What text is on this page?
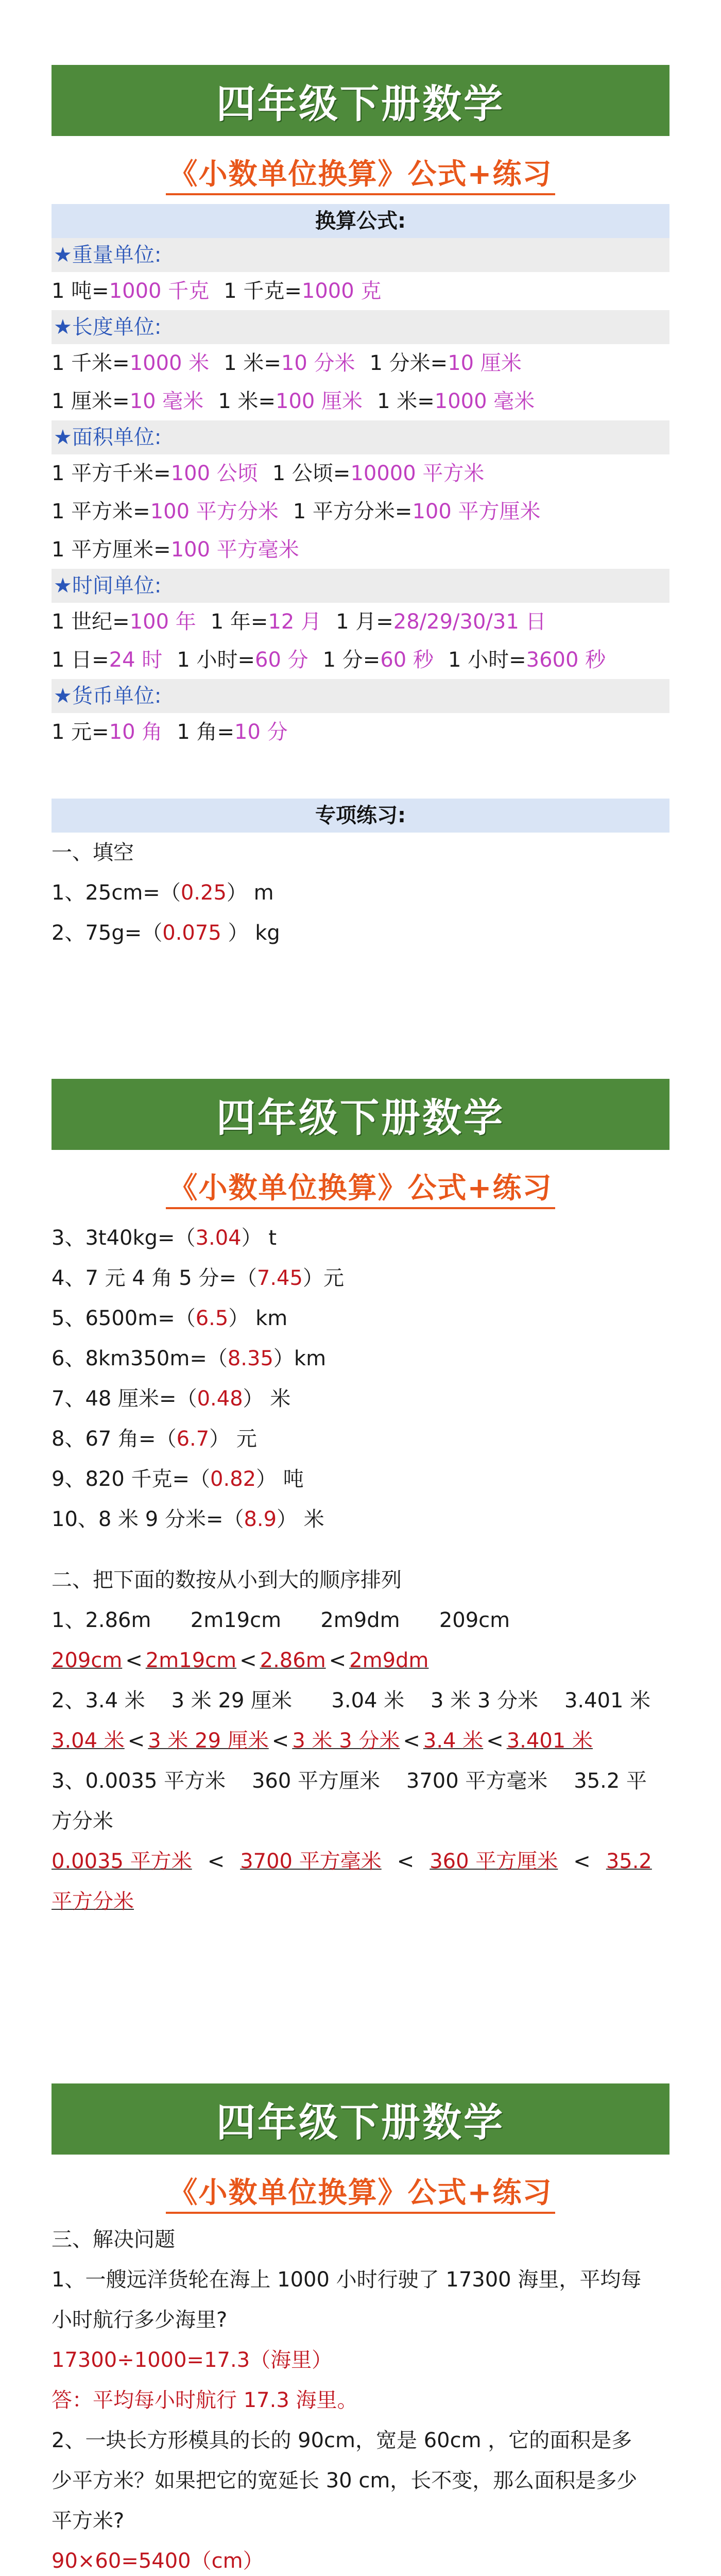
四年级下册数学
《小数单位换算》公式+练习
换算公式:
★重量单位:
1 吨=1000 千克 1 千克=1000 克
★长度单位:
1 千米=1000 米 1 米=10 分米 1 分米=10 厘米
1 厘米=10 毫米 1 米=100 厘米 1 米=1000 毫米
★面积单位:
1 平方千米=100 公顷 1 公顷=10000 平方米
1 平方米=100 平方分米 1 平方分米=100 平方厘米
1 平方厘米=100 平方毫米
★时间单位:
1 世纪=100 年 1 年=12 月 1 月=28/29/30/31 日
1 日=24 时 1 小时=60 分 1 分=60 秒 1 小时=3600 秒
★货币单位:
1 元=10 角 1 角=10 分
专项练习:
一、填空
1、25cm=（0.25） m
2、75g=（0.075 ） kg
四年级下册数学
《小数单位换算》公式+练习
3、3t40kg=（3.04） t
4、7 元 4 角 5 分=（7.45）元
5、6500m=（6.5） km
6、8km350m=（8.35）km
7、48 厘米=（0.48） 米
8、67 角=（6.7） 元
9、820 千克=（0.82） 吨
10、8 米 9 分米=（8.9） 米
二、把下面的数按从小到大的顺序排列
1、2.86m      2m19cm      2m9dm      209cm
209cm < 2m19cm < 2.86m < 2m9dm
2、3.4 米    3 米 29 厘米      3.04 米    3 米 3 分米    3.401 米
3.04 米 < 3 米 29 厘米 < 3 米 3 分米 < 3.4 米 < 3.401 米
3、0.0035 平方米    360 平方厘米    3700 平方毫米    35.2 平
方分米
0.0035 平方米 < 3700 平方毫米 < 360 平方厘米 < 35.2
平方分米
四年级下册数学
《小数单位换算》公式+练习
三、解决问题
1、一艘远洋货轮在海上 1000 小时行驶了 17300 海里，平均每
小时航行多少海里?
17300÷1000=17.3（海里）
答：平均每小时航行 17.3 海里。
2、一块长方形模具的长的 90cm，宽是 60cm ，它的面积是多
少平方米？如果把它的宽延长 30 cm，长不变，那么面积是多少
平方米?
90×60=5400（cm）
